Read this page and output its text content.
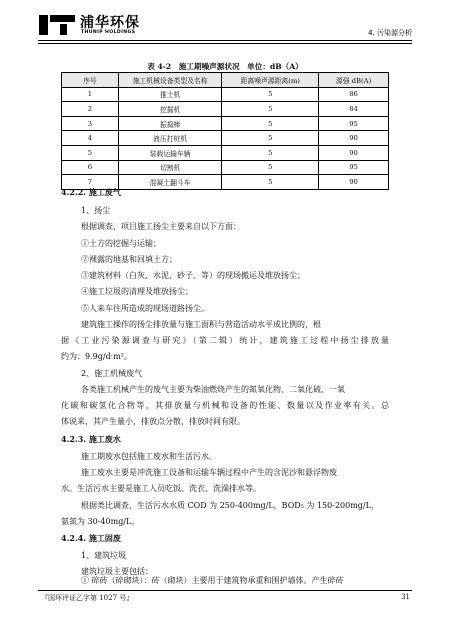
浦华环保
THUNIP HOLDINGS	4. 污染源分析
表 4-2　施工期噪声源状况　单位：dB（A）
序号	施工机械设备类型及名称	距离噪声源距离(m)	源强 dB(A)
1	推土机	5	86
2	挖掘机	5	84
3	振捣棒	5	95
4	液压打桩机	5	90
5	装载运输车辆	5	90
6	切割机	5	95
7	混凝土翻斗车	5	90
4.2.2. 施工废气
1、扬尘
根据调查，项目施工扬尘主要来自以下方面：
①土方的挖掘与运输；
②裸露的地基和回填土方；
③建筑材料（白灰、水泥、砂子、等）的现场搬运及堆放扬尘；
④施工垃圾的清理及堆放扬尘；
⑤人来车往所造成的现场道路扬尘。
建筑施工操作的扬尘排放量与施工面积与营造活动水平成比例的，根
据《工业污染源调查与研究》（第二辑）统计，建筑施工过程中扬尘排放量
约为：9.9g/d·m²。
2、施工机械废气
各类施工机械产生的废气主要为柴油燃烧产生的氮氧化物、二氧化硫、一氧
化碳和碳氢化合物等，其排放量与机械和设备的性能、数量以及作业率有关。总
体说来，其产生量小，排放点分散，排放时间有限。
4.2.3. 施工废水
施工期废水包括施工废水和生活污水。
施工废水主要是冲洗施工设备和运输车辆过程中产生的含泥沙和悬浮物废
水。生活污水主要是施工人员吃饭、洗衣、洗澡排水等。
根据类比调查，生活污水水质 COD 为 250-400mg/L，BOD₅ 为 150-200mg/L，
氨氮为 30-40mg/L。
4.2.4. 施工固废
1、建筑垃圾
建筑垃圾主要包括：
① 碎砖（碎砌块）：砖（砌块）主要用于建筑物承重和围护墙体。产生碎砖
『国环评证乙字第 1027 号』	31
